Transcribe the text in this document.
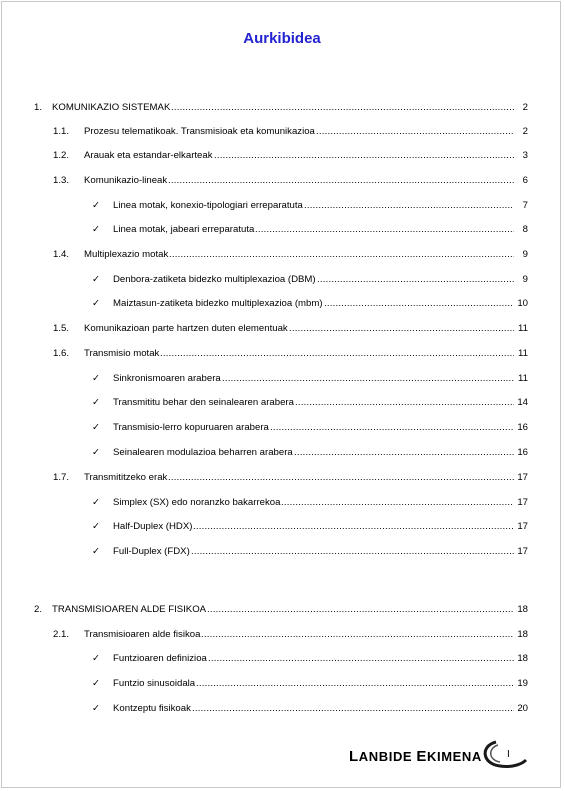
Aurkibidea
1. KOMUNIKAZIO SISTEMAK .....	2
1.1. Prozesu telematikoak. Transmisioak eta komunikazioa .....	2
1.2. Arauak eta estandar-elkarteak .....	3
1.3. Komunikazio-lineak .....	6
✓ Linea motak, konexio-tipologiari erreparatuta .....	7
✓ Linea motak, jabeari erreparatuta .....	8
1.4. Multiplexazio motak .....	9
✓ Denbora-zatiketa bidezko multiplexazioa (DBM) .....	9
✓ Maiztasun-zatiketa bidezko multiplexazioa (mbm) .....	10
1.5. Komunikazioan parte hartzen duten elementuak .....	11
1.6. Transmisio motak .....	11
✓ Sinkronismoaren arabera .....	11
✓ Transmititu behar den seinalearen arabera .....	14
✓ Transmisio-lerro kopuruaren arabera .....	16
✓ Seinalearen modulazioa beharren arabera .....	16
1.7. Transmititzeko erak .....	17
✓ Simplex (SX) edo noranzko bakarrekoa .....	17
✓ Half-Duplex (HDX) .....	17
✓ Full-Duplex (FDX) .....	17
2. TRANSMISIOAREN ALDE FISIKOA .....	18
2.1. Transmisioaren alde fisikoa .....	18
✓ Funtzioaren definizioa .....	18
✓ Funtzio sinusoidala .....	19
✓ Kontzeptu fisikoak .....	20
LANBIDE EKIMENA	I
